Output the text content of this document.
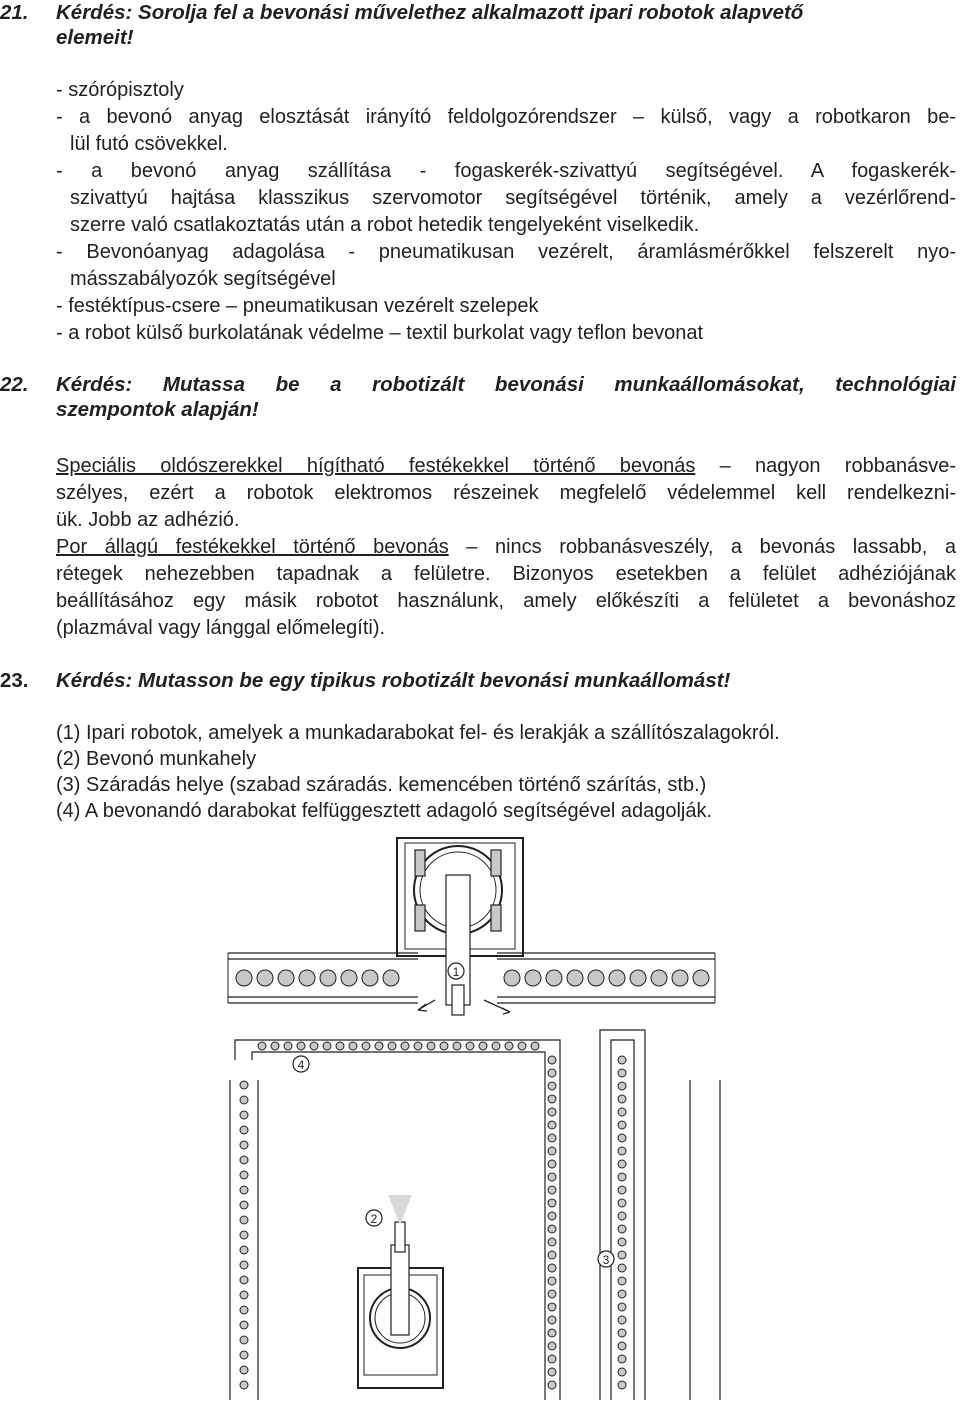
21.	Kérdés: Sorolja fel a bevonási művelethez alkalmazott ipari robotok alapvető
elemeit!
- szórópisztoly
- a bevonó anyag elosztását irányító feldolgozórendszer – külső, vagy a robotkaron be-
lül futó csövekkel.
- a bevonó anyag szállítása - fogaskerék-szivattyú segítségével. A fogaskerék-
szivattyú hajtása klasszikus szervomotor segítségével történik, amely a vezérlőrend-
szerre való csatlakoztatás után a robot hetedik tengelyeként viselkedik.
- Bevonóanyag adagolása - pneumatikusan vezérelt, áramlásmérőkkel felszerelt nyo-
másszabályozók segítségével
- festéktípus-csere – pneumatikusan vezérelt szelepek
- a robot külső burkolatának védelme – textil burkolat vagy teflon bevonat
22.	Kérdés: Mutassa be a robotizált bevonási munkaállomásokat, technológiai
szempontok alapján!
Speciális oldószerekkel hígítható festékekkel történő bevonás – nagyon robbanásve-
szélyes, ezért a robotok elektromos részeinek megfelelő védelemmel kell rendelkezni-
ük. Jobb az adhézió.
Por állagú festékekkel történő bevonás – nincs robbanásveszély, a bevonás lassabb, a
rétegek nehezebben tapadnak a felületre. Bizonyos esetekben a felület adhéziójának
beállításához egy másik robotot használunk, amely előkészíti a felületet a bevonáshoz
(plazmával vagy lánggal előmelegíti).
23.	Kérdés: Mutasson be egy tipikus robotizált bevonási munkaállomást!
(1) Ipari robotok, amelyek a munkadarabokat fel- és lerakják a szállítószalagokról.
(2) Bevonó munkahely
(3) Száradás helye (szabad száradás. kemencében történő szárítás, stb.)
(4) A bevonandó darabokat felfüggesztett adagoló segítségével adagolják.
1
2
3
4
